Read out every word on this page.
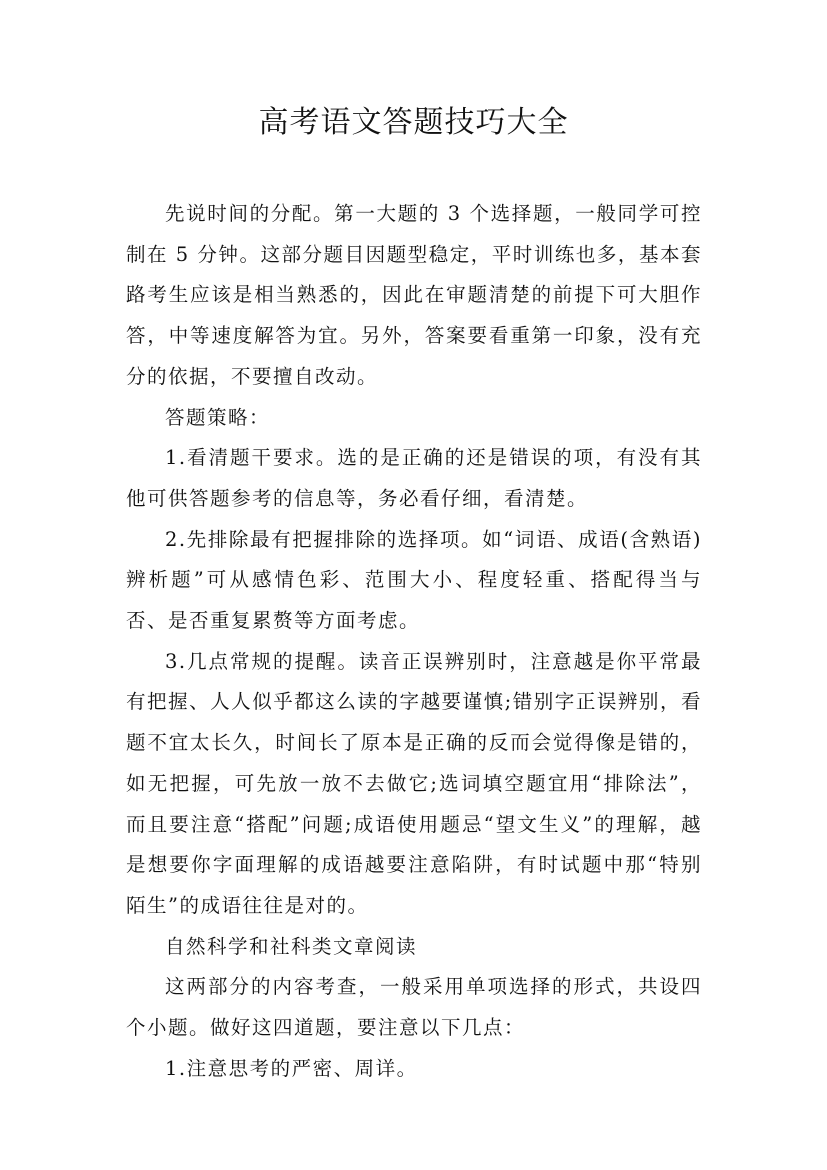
高考语文答题技巧大全

先说时间的分配。第一大题的 3 个选择题，一般同学可控制在 5 分钟。这部分题目因题型稳定，平时训练也多，基本套路考生应该是相当熟悉的，因此在审题清楚的前提下可大胆作答，中等速度解答为宜。另外，答案要看重第一印象，没有充分的依据，不要擅自改动。

答题策略：

1.看清题干要求。选的是正确的还是错误的项，有没有其他可供答题参考的信息等，务必看仔细，看清楚。

2.先排除最有把握排除的选择项。如“词语、成语(含熟语)辨析题”可从感情色彩、范围大小、程度轻重、搭配得当与否、是否重复累赘等方面考虑。

3.几点常规的提醒。读音正误辨别时，注意越是你平常最有把握、人人似乎都这么读的字越要谨慎;错别字正误辨别，看题不宜太长久，时间长了原本是正确的反而会觉得像是错的，如无把握，可先放一放不去做它;选词填空题宜用“排除法”，而且要注意“搭配”问题;成语使用题忌“望文生义”的理解，越是想要你字面理解的成语越要注意陷阱，有时试题中那“特别陌生”的成语往往是对的。

自然科学和社科类文章阅读

这两部分的内容考查，一般采用单项选择的形式，共设四个小题。做好这四道题，要注意以下几点：

1.注意思考的严密、周详。
